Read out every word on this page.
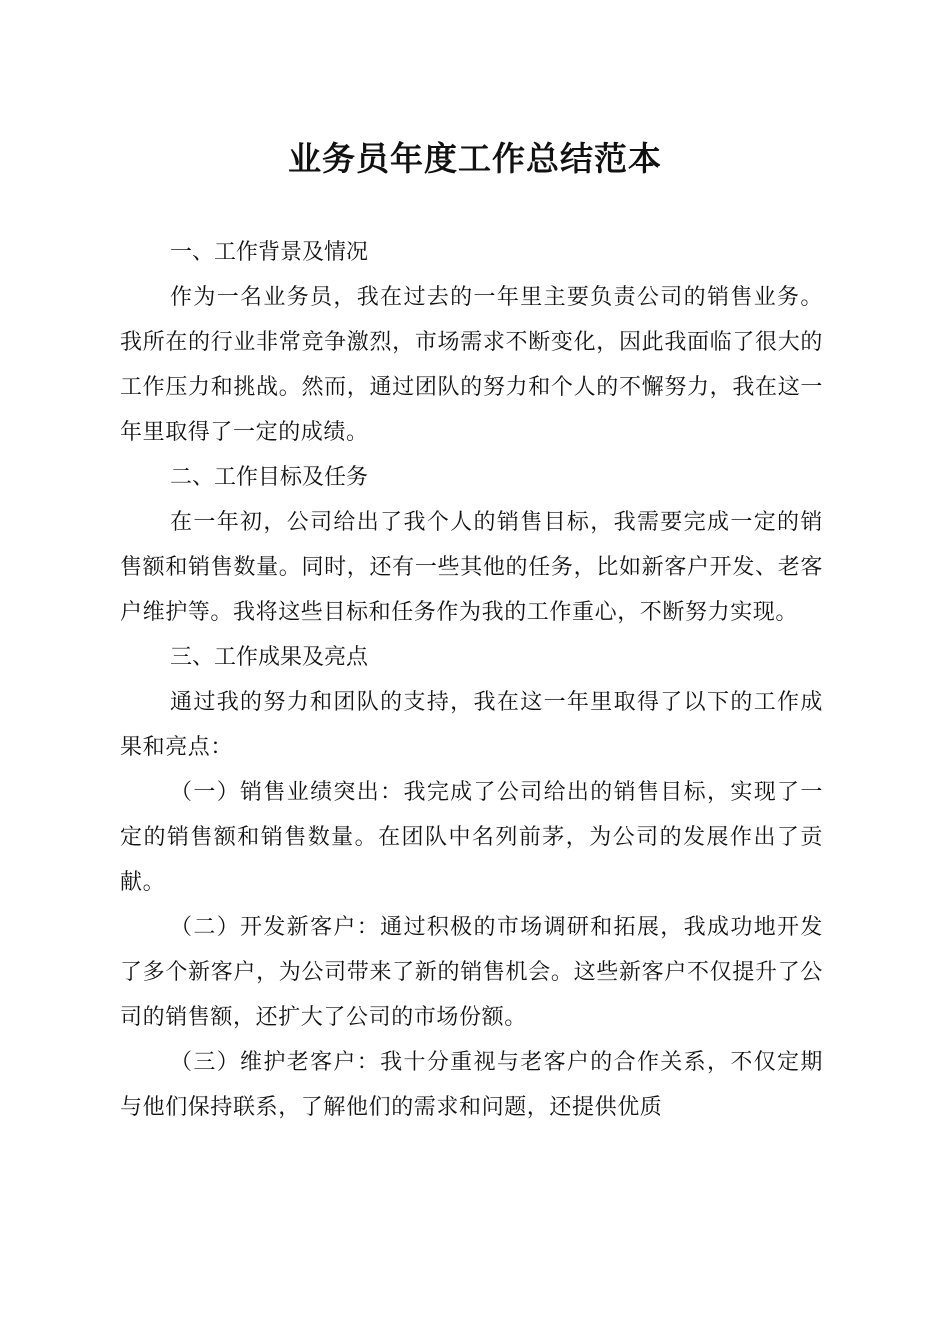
业务员年度工作总结范本
一、工作背景及情况

作为一名业务员，我在过去的一年里主要负责公司的销售业务。我所在的行业非常竞争激烈，市场需求不断变化，因此我面临了很大的工作压力和挑战。然而，通过团队的努力和个人的不懈努力，我在这一年里取得了一定的成绩。

二、工作目标及任务

在一年初，公司给出了我个人的销售目标，我需要完成一定的销售额和销售数量。同时，还有一些其他的任务，比如新客户开发、老客户维护等。我将这些目标和任务作为我的工作重心，不断努力实现。

三、工作成果及亮点

通过我的努力和团队的支持，我在这一年里取得了以下的工作成果和亮点：

（一）销售业绩突出：我完成了公司给出的销售目标，实现了一定的销售额和销售数量。在团队中名列前茅，为公司的发展作出了贡献。

（二）开发新客户：通过积极的市场调研和拓展，我成功地开发了多个新客户，为公司带来了新的销售机会。这些新客户不仅提升了公司的销售额，还扩大了公司的市场份额。

（三）维护老客户：我十分重视与老客户的合作关系，不仅定期与他们保持联系，了解他们的需求和问题，还提供优质
